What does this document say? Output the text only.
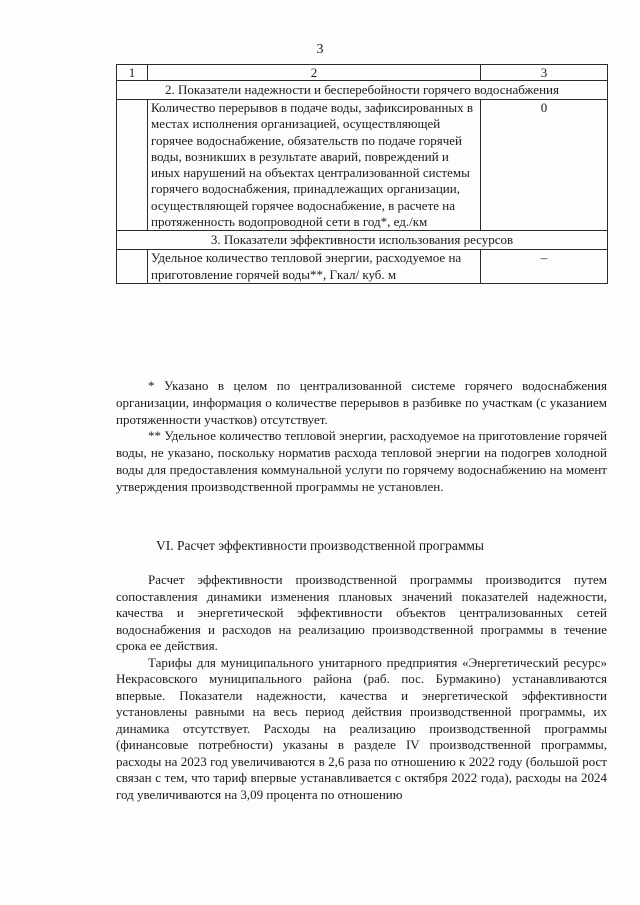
3
1	2	3
2. Показатели надежности и бесперебойности горячего водоснабжения		
	Количество перерывов в подаче воды, зафиксированных в местах исполнения организацией, осуществляющей горячее водоснабжение, обязательств по подаче горячей воды, возникших в результате аварий, повреждений и иных нарушений на объектах централизованной системы горячего водоснабжения, принадлежащих организации, осуществляющей горячее водоснабжение, в расчете на протяженность водопроводной сети в год*, ед./км	0
3. Показатели эффективности использования ресурсов		
	Удельное количество тепловой энергии, расходуемое на приготовление горячей воды**, Гкал/ куб. м	–

* Указано в целом по централизованной системе горячего водоснабжения организации, информация о количестве перерывов в разбивке по участкам (с указанием протяженности участков) отсутствует.

** Удельное количество тепловой энергии, расходуемое на приготовление горячей воды, не указано, поскольку норматив расхода тепловой энергии на подогрев холодной воды для предоставления коммунальной услуги по горячему водоснабжению на момент утверждения производственной программы не установлен.

VI. Расчет эффективности производственной программы

Расчет эффективности производственной программы производится путем сопоставления динамики изменения плановых значений показателей надежности, качества и энергетической эффективности объектов централизованных сетей водоснабжения и расходов на реализацию производственной программы в течение срока ее действия.

Тарифы для муниципального унитарного предприятия «Энергетический ресурс» Некрасовского муниципального района (раб. пос. Бурмакино) устанавливаются впервые. Показатели надежности, качества и энергетической эффективности установлены равными на весь период действия производственной программы, их динамика отсутствует. Расходы на реализацию производственной программы (финансовые потребности) указаны в разделе IV производственной программы, расходы на 2023 год увеличиваются в 2,6 раза по отношению к 2022 году (большой рост связан с тем, что тариф впервые устанавливается с октября 2022 года), расходы на 2024 год увеличиваются на 3,09 процента по отношению
